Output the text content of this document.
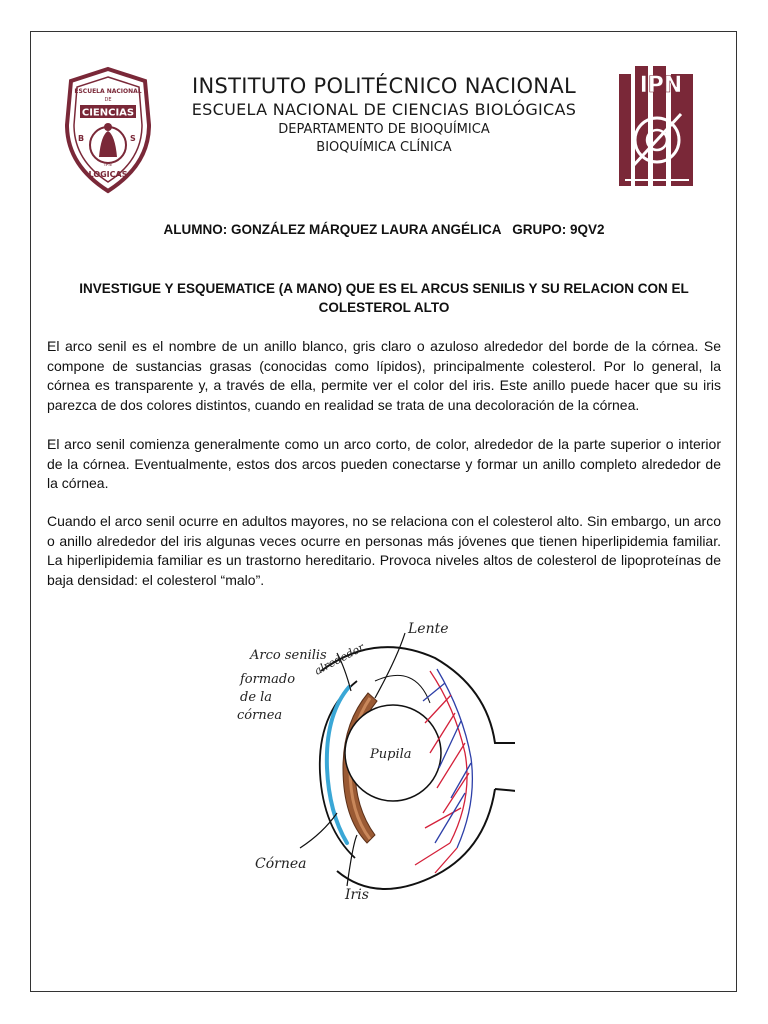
ESCUELA NACIONAL
DE
CIENCIAS
B	S
LOGICAS
IPN
IPN
INSTITUTO POLITÉCNICO NACIONAL
ESCUELA NACIONAL DE CIENCIAS BIOLÓGICAS
DEPARTAMENTO DE BIOQUÍMICA
BIOQUÍMICA CLÍNICA
ALUMNO: GONZÁLEZ MÁRQUEZ LAURA ANGÉLICA   GRUPO: 9QV2
INVESTIGUE Y ESQUEMATICE (A MANO) QUE ES EL ARCUS SENILIS Y SU RELACION CON EL COLESTEROL ALTO

El arco senil es el nombre de un anillo blanco, gris claro o azuloso alrededor del borde de la córnea. Se compone de sustancias grasas (conocidas como lípidos), principalmente colesterol. Por lo general, la córnea es transparente y, a través de ella, permite ver el color del iris. Este anillo puede hacer que su iris parezca de dos colores distintos, cuando en realidad se trata de una decoloración de la córnea.

El arco senil comienza generalmente como un arco corto, de color, alrededor de la parte superior o interior de la córnea. Eventualmente, estos dos arcos pueden conectarse y formar un anillo completo alrededor de la córnea.

Cuando el arco senil ocurre en adultos mayores, no se relaciona con el colesterol alto. Sin embargo, un arco o anillo alrededor del iris algunas veces ocurre en personas más jóvenes que tienen hiperlipidemia familiar. La hiperlipidemia familiar es un trastorno hereditario. Provoca niveles altos de colesterol de lipoproteínas de baja densidad: el colesterol “malo”.

Lente
Arco senilis
alrededor
formado
de la
córnea
Pupila
Córnea
Iris
